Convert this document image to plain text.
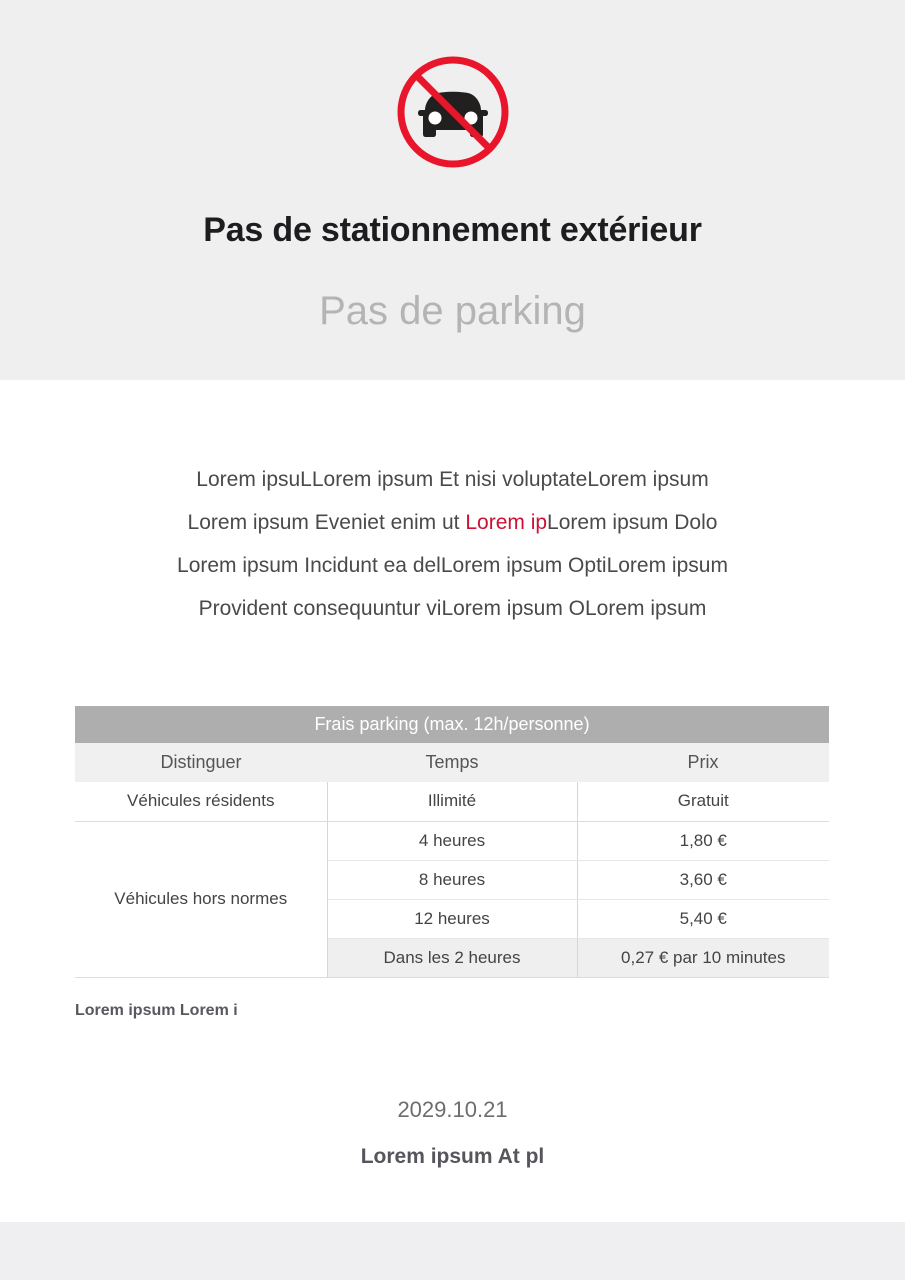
Pas de stationnement extérieur
Pas de parking

Lorem ipsuLLorem ipsum Et nisi voluptateLorem ipsum
Lorem ipsum Eveniet enim ut Lorem ipLorem ipsum Dolo
Lorem ipsum Incidunt ea delLorem ipsum OptiLorem ipsum
Provident consequuntur viLorem ipsum OLorem ipsum

Frais parking (max. 12h/personne)		
Distinguer	Temps	Prix
Véhicules résidents	Illimité	Gratuit
Véhicules hors normes	4 heures	1,80 €
	8 heures	3,60 €
	12 heures	5,40 €
	Dans les 2 heures	0,27 € par 10 minutes
Lorem ipsum Lorem i
2029.10.21
Lorem ipsum At pl
